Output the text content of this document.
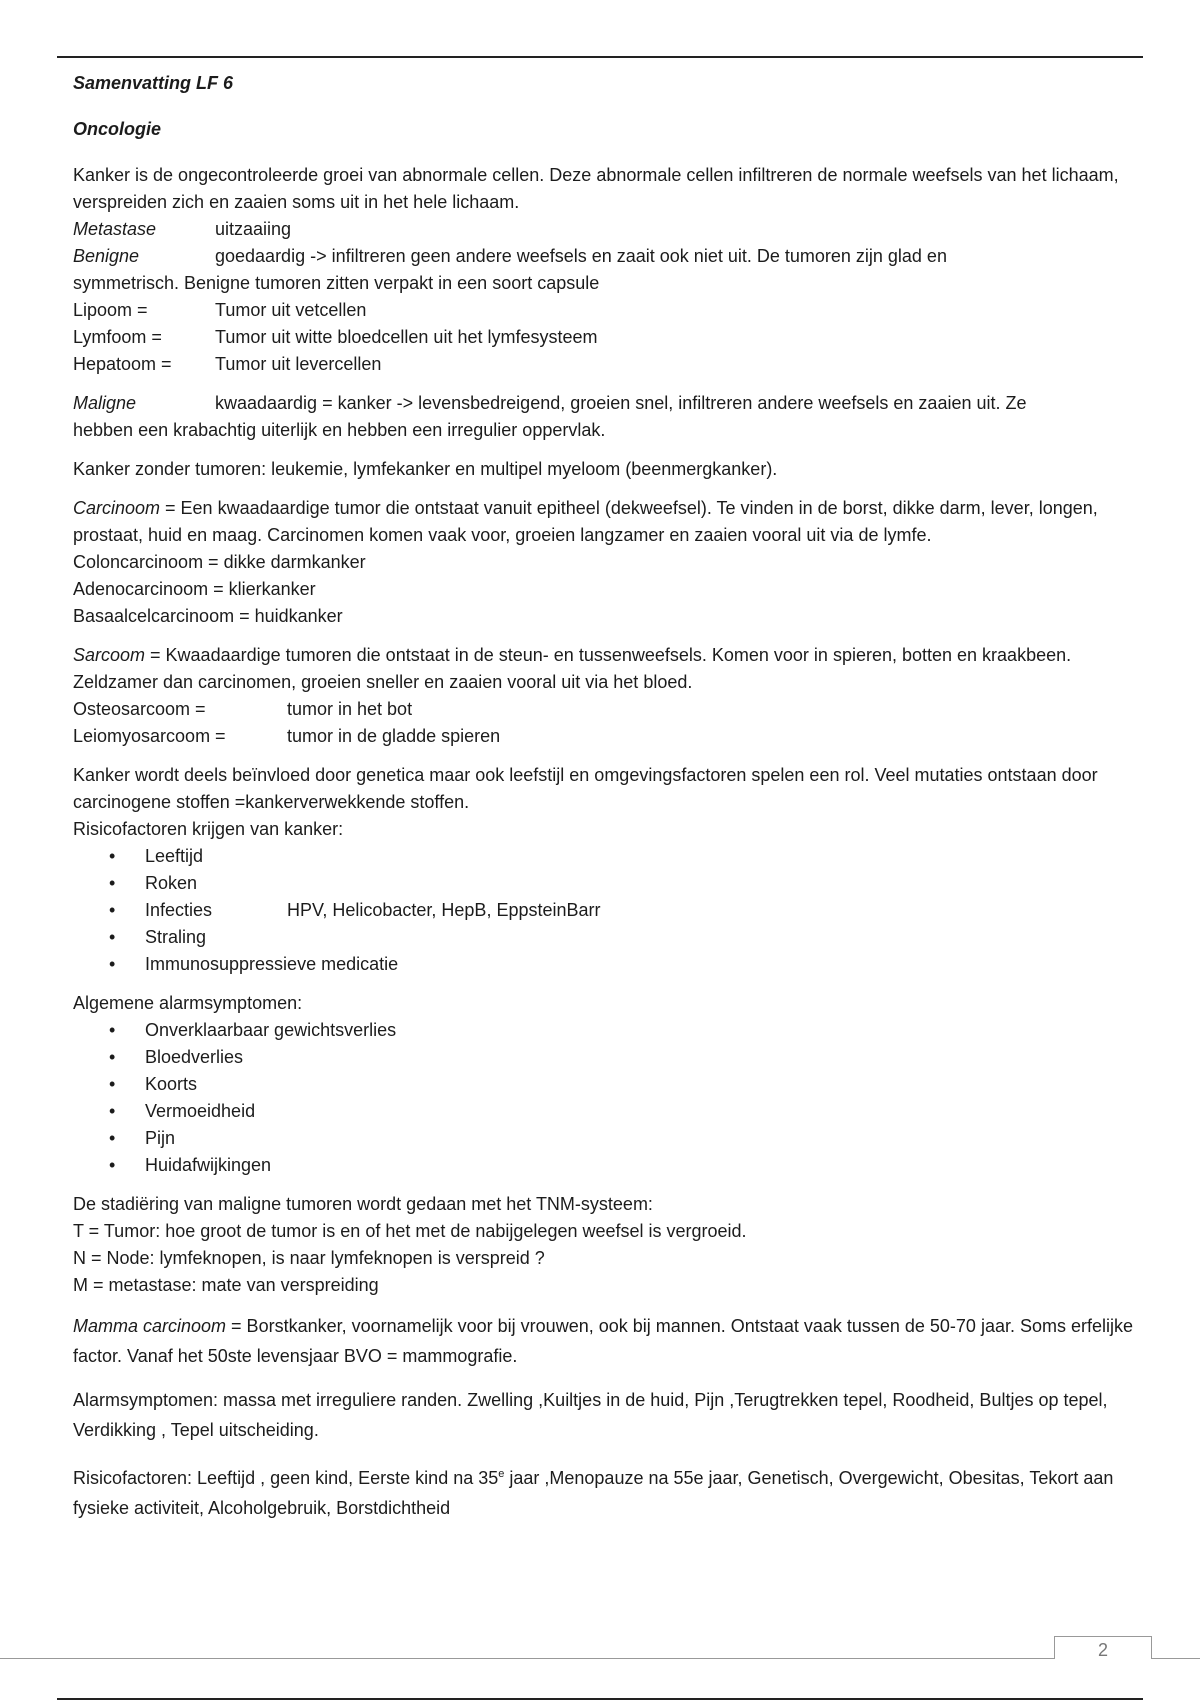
Samenvatting LF 6

Oncologie

Kanker is de ongecontroleerde groei van abnormale cellen. Deze abnormale cellen infiltreren de normale weefsels van het lichaam, verspreiden zich en zaaien soms uit in het hele lichaam.

Metastase	uitzaaiing
Benigne	goedaardig -> infiltreren geen andere weefsels en zaait ook niet uit. De tumoren zijn glad en

symmetrisch. Benigne tumoren zitten verpakt in een soort capsule

Lipoom =	Tumor uit vetcellen
Lymfoom =	Tumor uit witte bloedcellen uit het lymfesysteem
Hepatoom =	Tumor uit levercellen
Maligne	kwaadaardig = kanker -> levensbedreigend, groeien snel, infiltreren andere weefsels en zaaien uit. Ze

hebben een krabachtig uiterlijk en hebben een irregulier oppervlak.

Kanker zonder tumoren: leukemie, lymfekanker en multipel myeloom (beenmergkanker).

Carcinoom = Een kwaadaardige tumor die ontstaat vanuit epitheel (dekweefsel). Te vinden in de borst, dikke darm, lever, longen, prostaat, huid en maag. Carcinomen komen vaak voor, groeien langzamer en zaaien vooral uit via de lymfe.

Coloncarcinoom = dikke darmkanker

Adenocarcinoom = klierkanker

Basaalcelcarcinoom = huidkanker

Sarcoom = Kwaadaardige tumoren die ontstaat in de steun- en tussenweefsels. Komen voor in spieren, botten en kraakbeen. Zeldzamer dan carcinomen, groeien sneller en zaaien vooral uit via het bloed.

Osteosarcoom =	tumor in het bot
Leiomyosarcoom =	tumor in de gladde spieren

Kanker wordt deels beïnvloed door genetica maar ook leefstijl en omgevingsfactoren spelen een rol. Veel mutaties ontstaan door carcinogene stoffen =kankerverwekkende stoffen.

Risicofactoren krijgen van kanker:

• Leeftijd
• Roken
• Infecties	HPV, Helicobacter, HepB, EppsteinBarr
• Straling
• Immunosuppressieve medicatie

Algemene alarmsymptomen:

• Onverklaarbaar gewichtsverlies
• Bloedverlies
• Koorts
• Vermoeidheid
• Pijn
• Huidafwijkingen

De stadiëring van maligne tumoren wordt gedaan met het TNM-systeem:

T = Tumor: hoe groot de tumor is en of het met de nabijgelegen weefsel is vergroeid.

N = Node: lymfeknopen, is naar lymfeknopen is verspreid ?

M = metastase: mate van verspreiding

Mamma carcinoom = Borstkanker, voornamelijk voor bij vrouwen, ook bij mannen. Ontstaat vaak tussen de 50-70 jaar. Soms erfelijke factor. Vanaf het 50ste levensjaar BVO = mammografie.

Alarmsymptomen: massa met irreguliere randen. Zwelling ,Kuiltjes in de huid, Pijn ,Terugtrekken tepel, Roodheid, Bultjes op tepel, Verdikking , Tepel uitscheiding.

Risicofactoren: Leeftijd , geen kind, Eerste kind na 35e jaar ,Menopauze na 55e jaar, Genetisch, Overgewicht, Obesitas, Tekort aan fysieke activiteit, Alcoholgebruik, Borstdichtheid

2
